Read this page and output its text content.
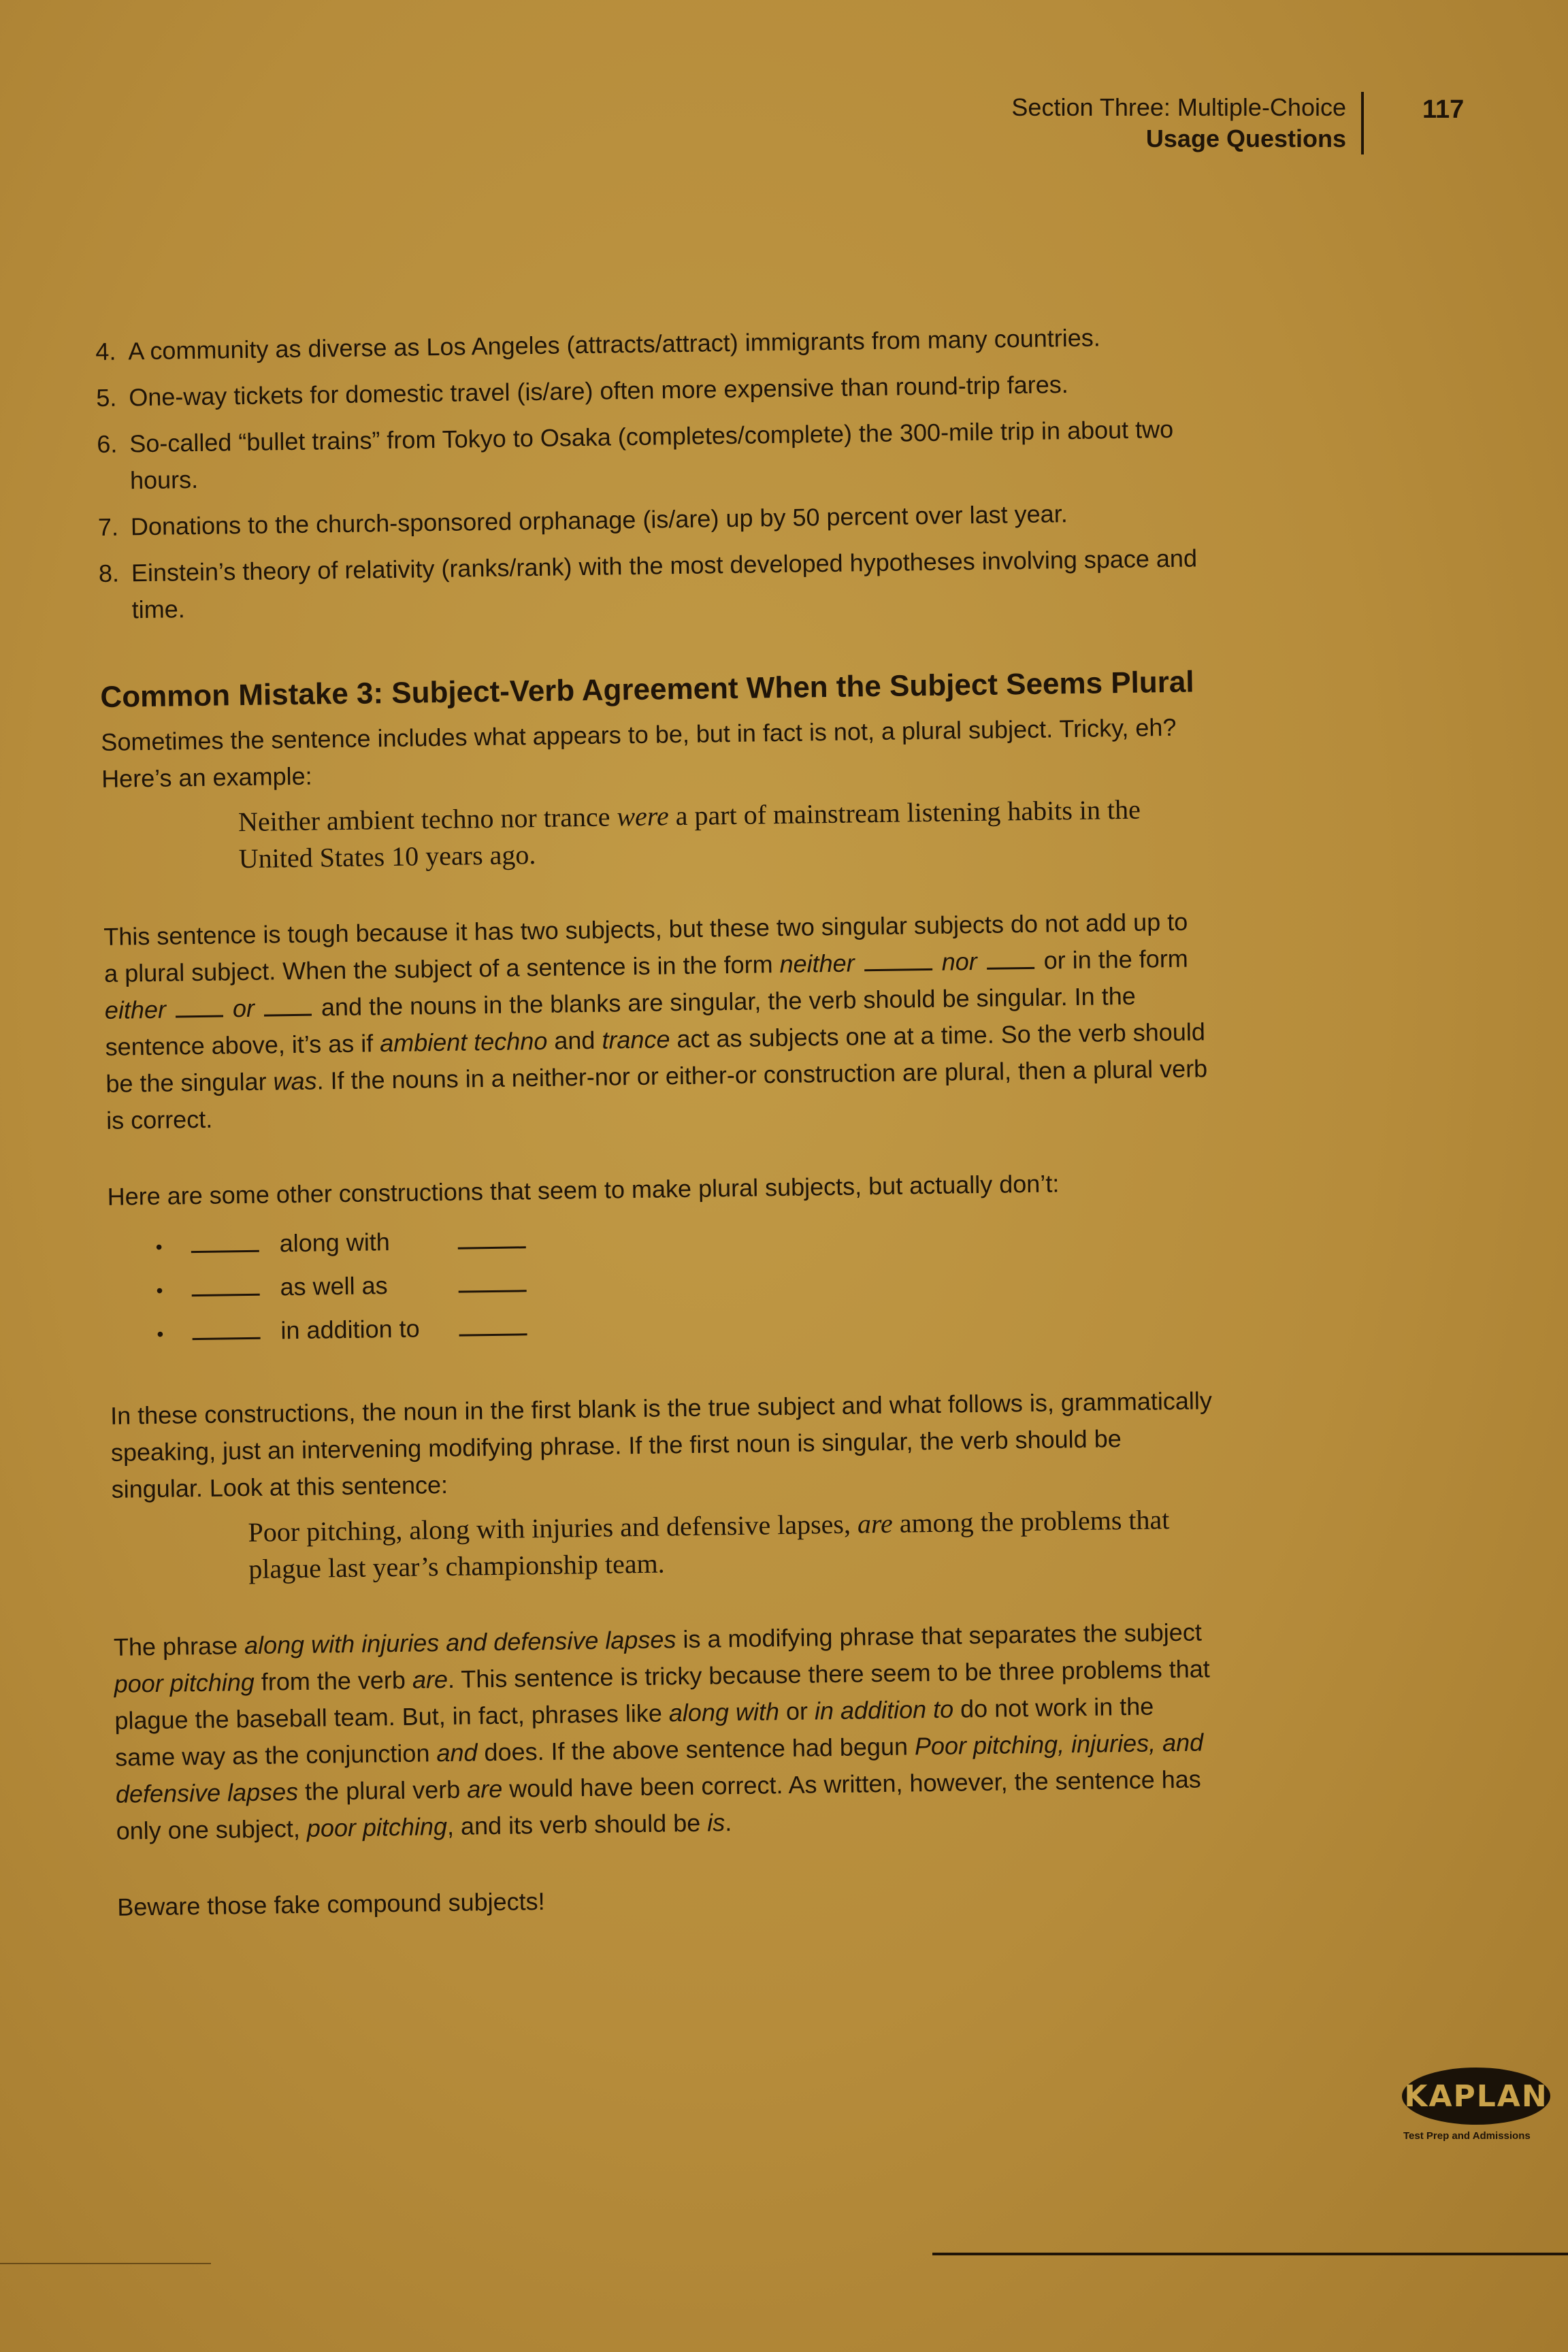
Section Three: Multiple-Choice
Usage Questions
117
4. A community as diverse as Los Angeles (attracts/attract) immigrants from many countries.
5. One-way tickets for domestic travel (is/are) often more expensive than round-trip fares.
6. So-called “bullet trains” from Tokyo to Osaka (completes/complete) the 300-mile trip in about two hours.
7. Donations to the church-sponsored orphanage (is/are) up by 50 percent over last year.
8. Einstein’s theory of relativity (ranks/rank) with the most developed hypotheses involving space and time.
Common Mistake 3: Subject-Verb Agreement When the Subject Seems Plural

Sometimes the sentence includes what appears to be, but in fact is not, a plural subject. Tricky, eh? Here’s an example:

Neither ambient techno nor trance were a part of mainstream listening habits in the United States 10 years ago.

This sentence is tough because it has two subjects, but these two singular subjects do not add up to a plural subject. When the subject of a sentence is in the form neither	nor  or in the form either	or  and the nouns in the blanks are singular, the verb should be singular. In the sentence above, it’s as if ambient techno and trance act as subjects one at a time. So the verb should be the singular was. If the nouns in a neither-nor or either-or construction are plural, then a plural verb is correct.

Here are some other constructions that seem to make plural subjects, but actually don’t:

•	along with
•	as well as
•	in addition to

In these constructions, the noun in the first blank is the true subject and what follows is, grammatically speaking, just an intervening modifying phrase. If the first noun is singular, the verb should be singular. Look at this sentence:

Poor pitching, along with injuries and defensive lapses, are among the problems that plague last year’s championship team.

The phrase along with injuries and defensive lapses is a modifying phrase that separates the subject poor pitching from the verb are. This sentence is tricky because there seem to be three problems that plague the baseball team. But, in fact, phrases like along with or in addition to do not work in the same way as the conjunction and does. If the above sentence had begun Poor pitching, injuries, and defensive lapses the plural verb are would have been correct. As written, however, the sentence has only one subject, poor pitching, and its verb should be is.

Beware those fake compound subjects!

KAPLAN
Test Prep and Admissions
